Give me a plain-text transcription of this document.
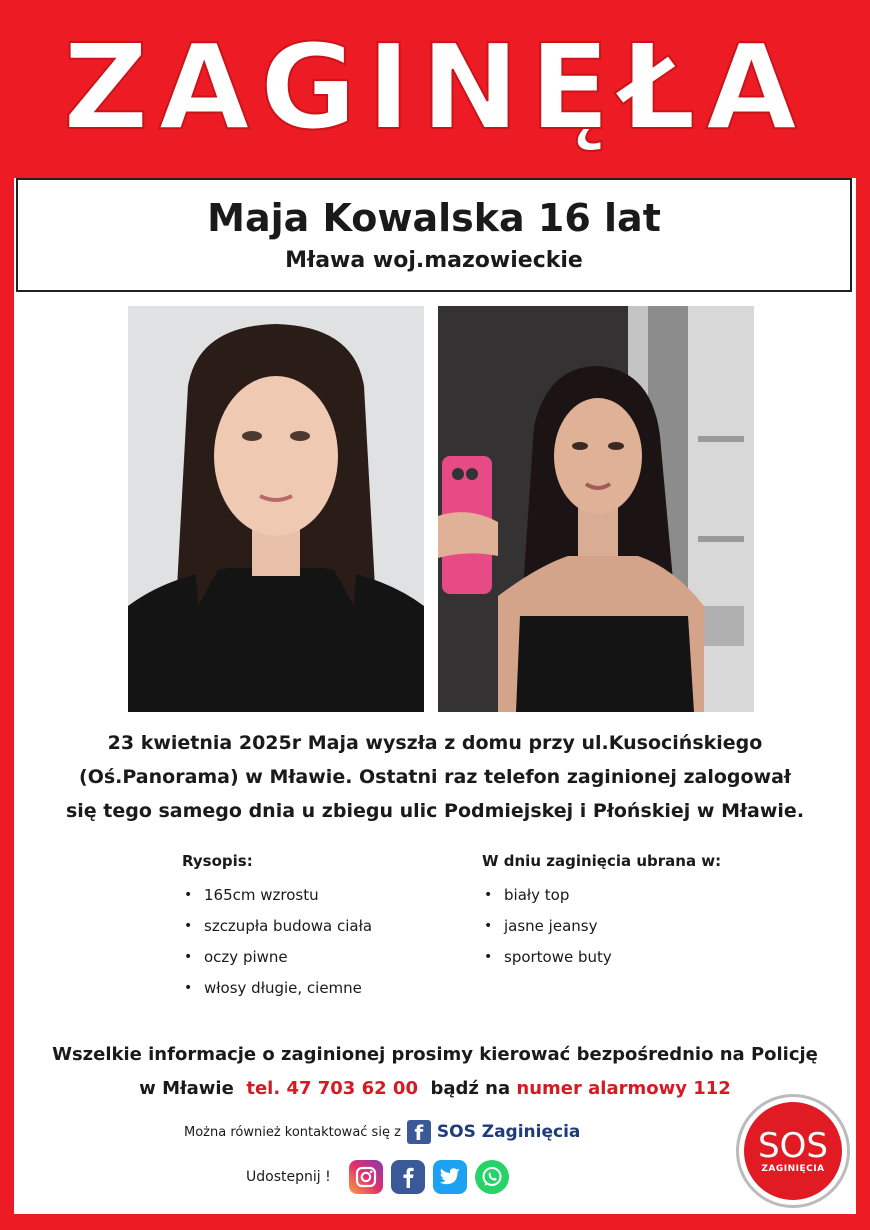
ZAGINĘŁA
Maja Kowalska 16 lat
Mława woj.mazowieckie

23 kwietnia 2025r Maja wyszła z domu przy ul.Kusocińskiego

(Oś.Panorama) w Mławie. Ostatni raz telefon zaginionej zalogował

się tego samego dnia u zbiegu ulic Podmiejskej i Płońskiej w Mławie.

Rysopis:
• 165cm wzrostu
• szczupła budowa ciała
• oczy piwne
• włosy długie, ciemne
W dniu zaginięcia ubrana w:
• biały top
• jasne jeansy
• sportowe buty

Wszelkie informacje o zaginionej prosimy kierować bezpośrednio na Policję

w Mławie tel. 47 703 62 00 bądź na numer alarmowy 112

Można również kontaktować się z f SOS Zaginięcia
Udostepnij !
SOS
ZAGINIĘCIA
